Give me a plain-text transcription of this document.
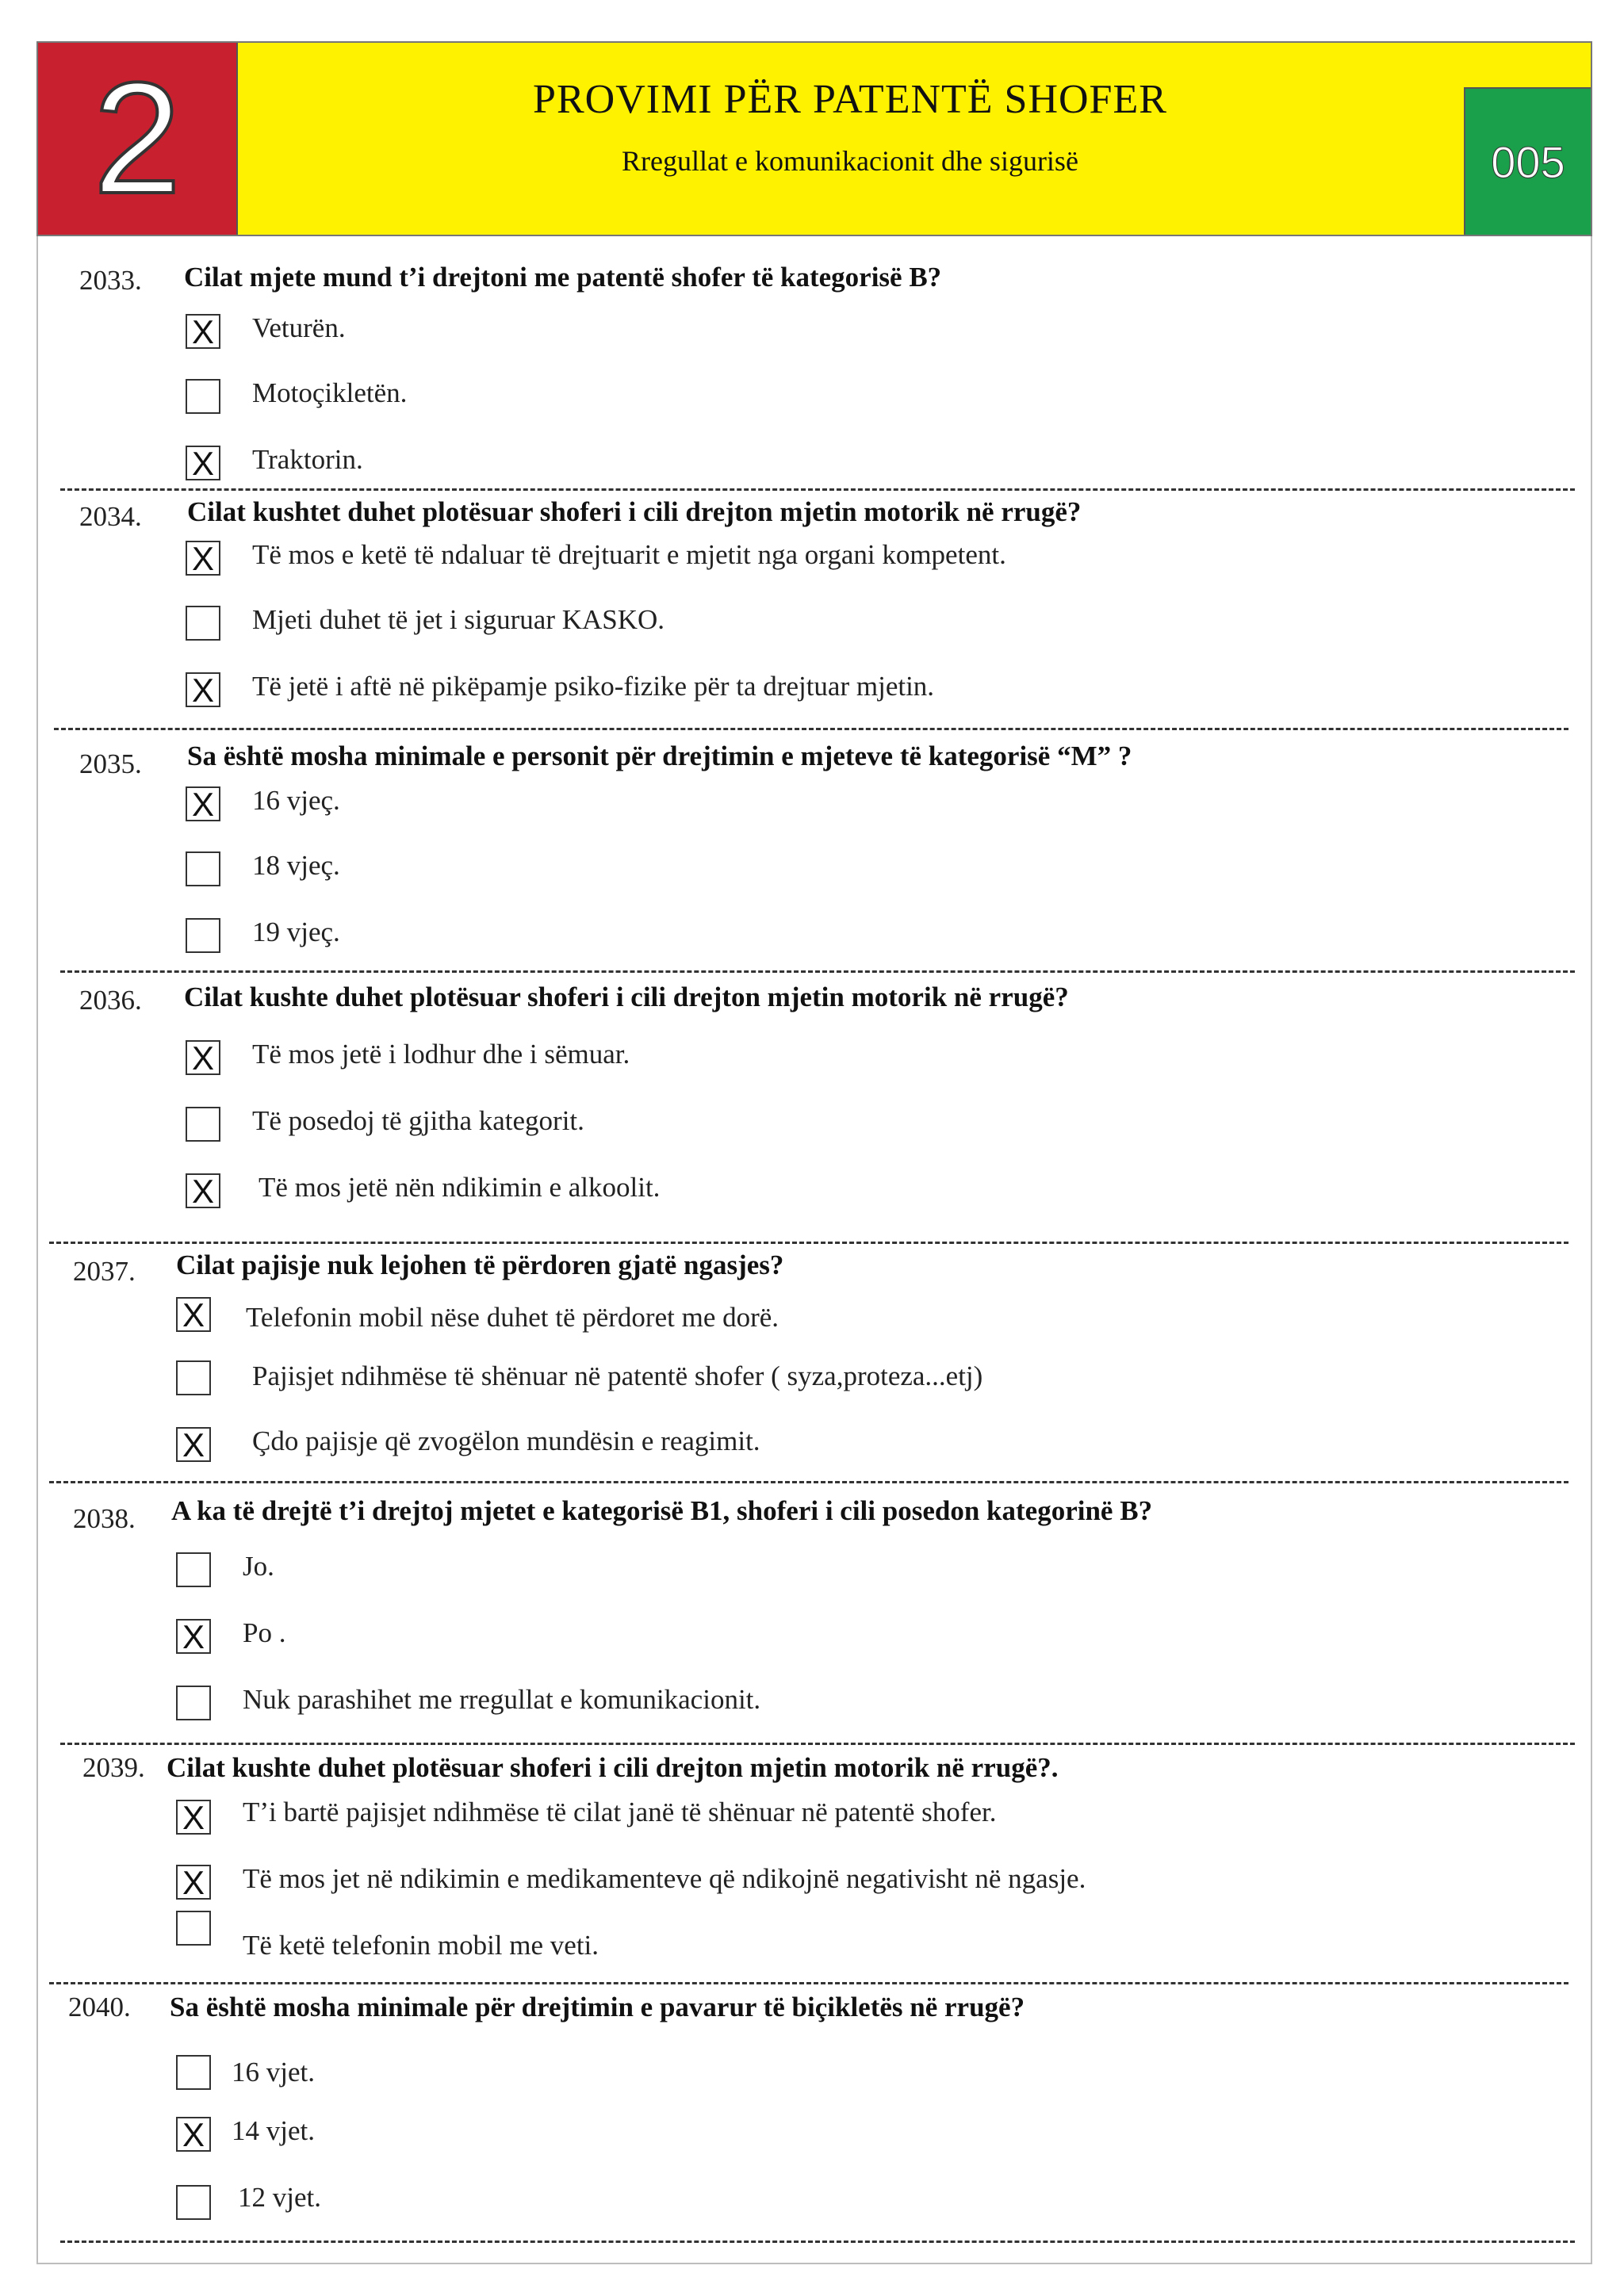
2	PROVIMI PËR PATENTË SHOFER
Rregullat e komunikacionit dhe sigurisë	005
2033. Cilat mjete mund t’i drejtoni me patentë shofer të kategorisë B?
X Veturën.
Motoçikletën.
X Traktorin.
2034. Cilat kushtet duhet plotësuar shoferi i cili drejton mjetin motorik në rrugë?
X Të mos e ketë të ndaluar të drejtuarit e mjetit nga organi kompetent.
Mjeti duhet të jet i siguruar KASKO.
X Të jetë i aftë në pikëpamje psiko-fizike për ta drejtuar mjetin.
2035. Sa është mosha minimale e personit për drejtimin e mjeteve të kategorisë “M” ?
X 16 vjeç.
18 vjeç.
19 vjeç.
2036. Cilat kushte duhet plotësuar shoferi i cili drejton mjetin motorik në rrugë?
X Të mos jetë i lodhur dhe i sëmuar.
Të posedoj të gjitha kategorit.
X Të mos jetë nën ndikimin e alkoolit.
2037. Cilat pajisje nuk lejohen të përdoren gjatë ngasjes?
X Telefonin mobil nëse duhet të përdoret me dorë.
Pajisjet ndihmëse të shënuar në patentë shofer ( syza,proteza...etj)
X Çdo pajisje që zvogëlon mundësin e reagimit.
2038. A ka të drejtë t’i drejtoj mjetet e kategorisë B1, shoferi i cili posedon kategorinë B?
Jo.
X Po .
Nuk parashihet me rregullat e komunikacionit.
2039. Cilat kushte duhet plotësuar shoferi i cili drejton mjetin motorik në rrugë?.
X T’i bartë pajisjet ndihmëse të cilat janë të shënuar në patentë shofer.
X Të mos jet në ndikimin e medikamenteve që ndikojnë negativisht në ngasje.
Të ketë telefonin mobil me veti.
2040. Sa është mosha minimale për drejtimin e pavarur të biçikletës në rrugë?
16 vjet.
X 14 vjet.
12 vjet.
